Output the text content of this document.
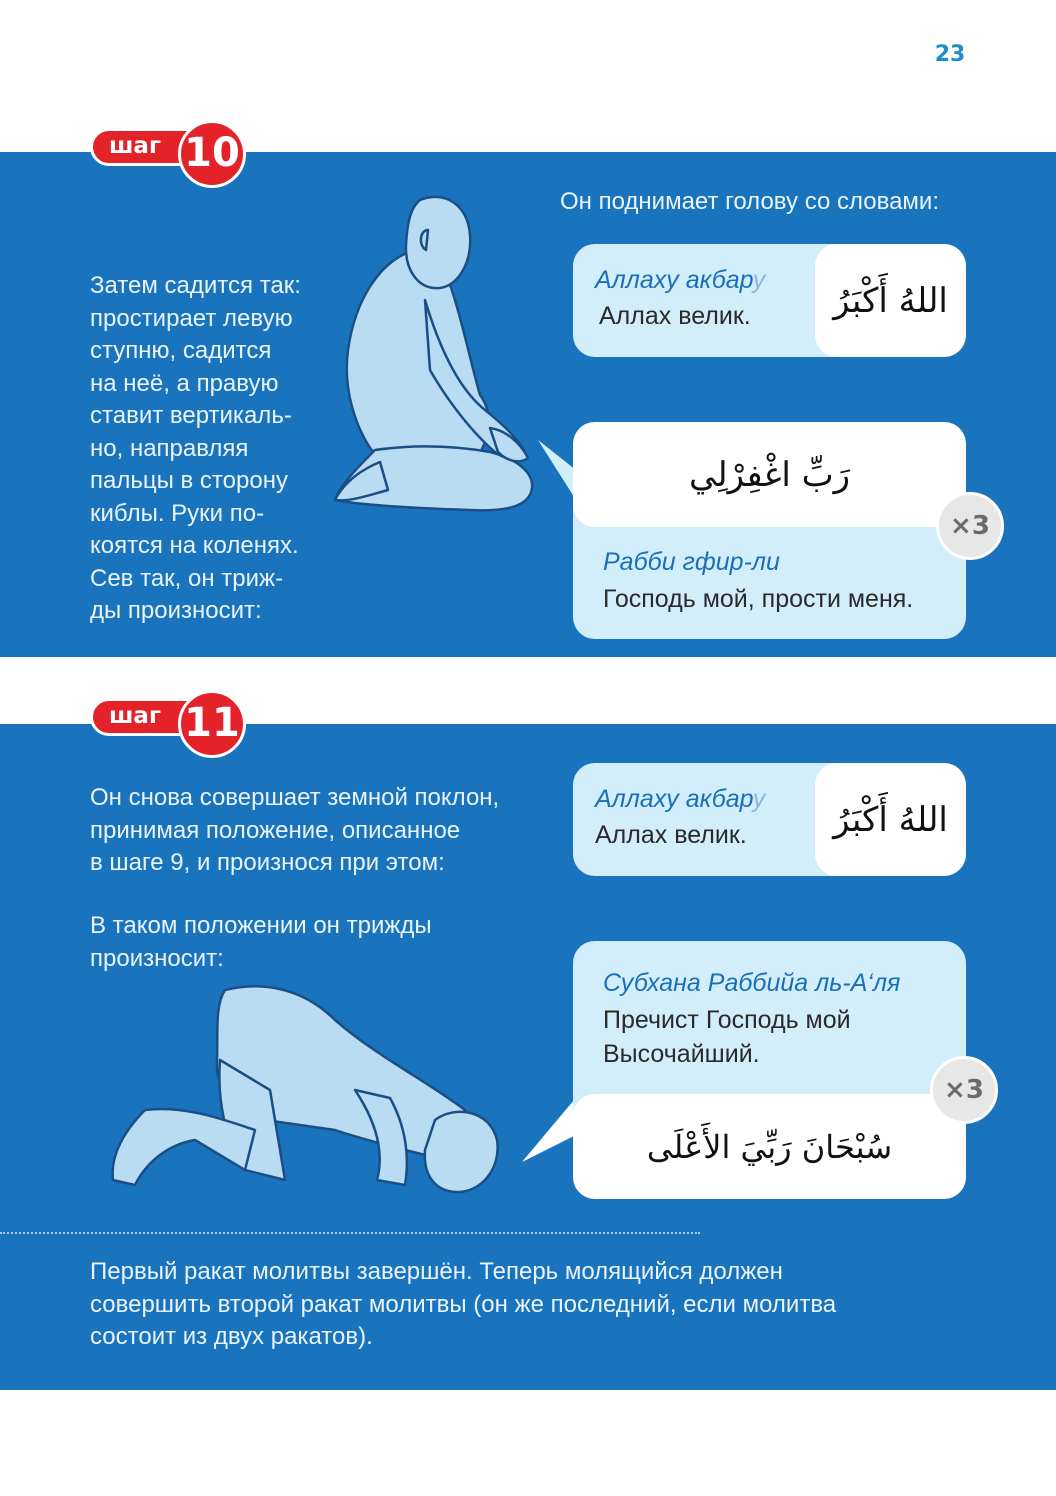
23
шаг 10
Затем садится так:
простирает левую
ступню, садится
на неё, а правую
ставит вертикаль-
но, направляя
пальцы в сторону
киблы. Руки по-
коятся на коленях.
Сев так, он триж-
ды произносит:
Он поднимает голову со словами:
Аллаху акбару
Аллах велик.	اللهُ أَكْبَرُ
رَبِّ اغْفِرْلِي
Рабби гфир-ли
Господь мой, прости меня.
×3
шаг 11
Он снова совершает земной поклон,
принимая положение, описанное
в шаге 9, и произнося при этом:
В таком положении он трижды
произносит:
Аллаху акбару
Аллах велик.	اللهُ أَكْبَرُ
Субхана Раббийа ль-А‘ля
Пречист Господь мой
Высочайший.
سُبْحَانَ رَبِّيَ الأَعْلَى
×3
Первый ракат молитвы завершён. Теперь молящийся должен
совершить второй ракат молитвы (он же последний, если молитва
состоит из двух ракатов).
